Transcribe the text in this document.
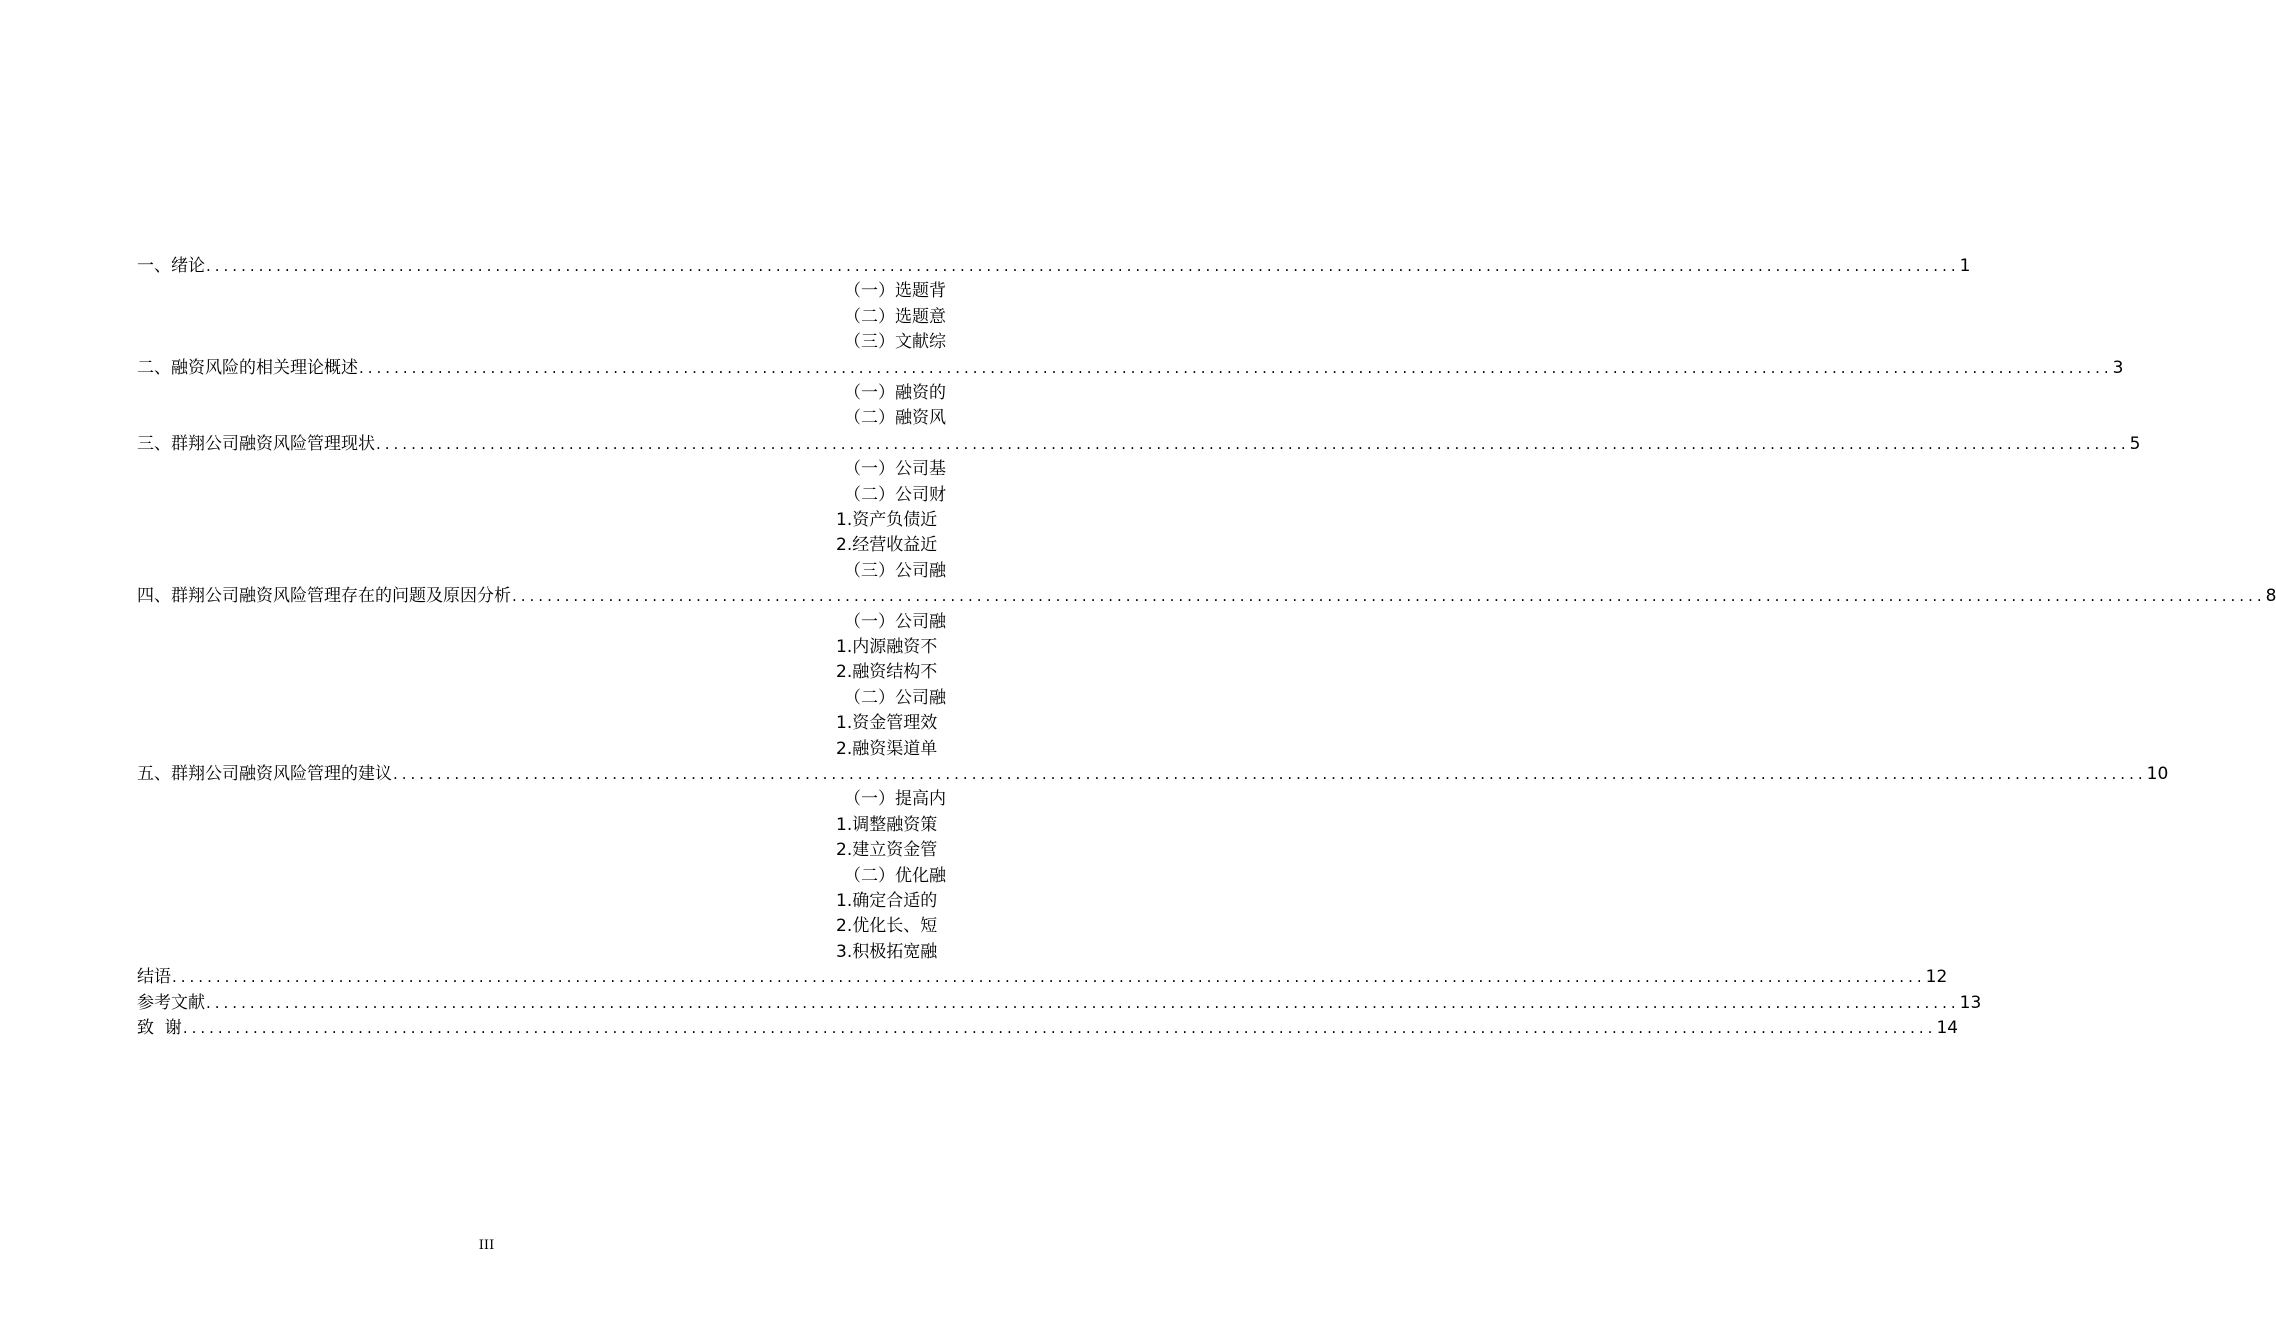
一、绪论 ........................................................................................................................................................................................................ 1
（一）选题背
（二）选题意
（三）文献综
二、融资风险的相关理论概述 ........................................................................................................................................................................................................ 3
（一）融资的
（二）融资风
三、群翔公司融资风险管理现状 ........................................................................................................................................................................................................ 5
（一）公司基
（二）公司财
1.资产负债近
2.经营收益近
（三）公司融
四、群翔公司融资风险管理存在的问题及原因分析 ........................................................................................................................................................................................................ 8
（一）公司融
1.内源融资不
2.融资结构不
（二）公司融
1.资金管理效
2.融资渠道单
五、群翔公司融资风险管理的建议 ........................................................................................................................................................................................................ 10
（一）提高内
1.调整融资策
2.建立资金管
（二）优化融
1.确定合适的
2.优化长、短
3.积极拓宽融
结语 ........................................................................................................................................................................................................ 12
参考文献 ........................................................................................................................................................................................................ 13
致  谢 ........................................................................................................................................................................................................ 14
III
